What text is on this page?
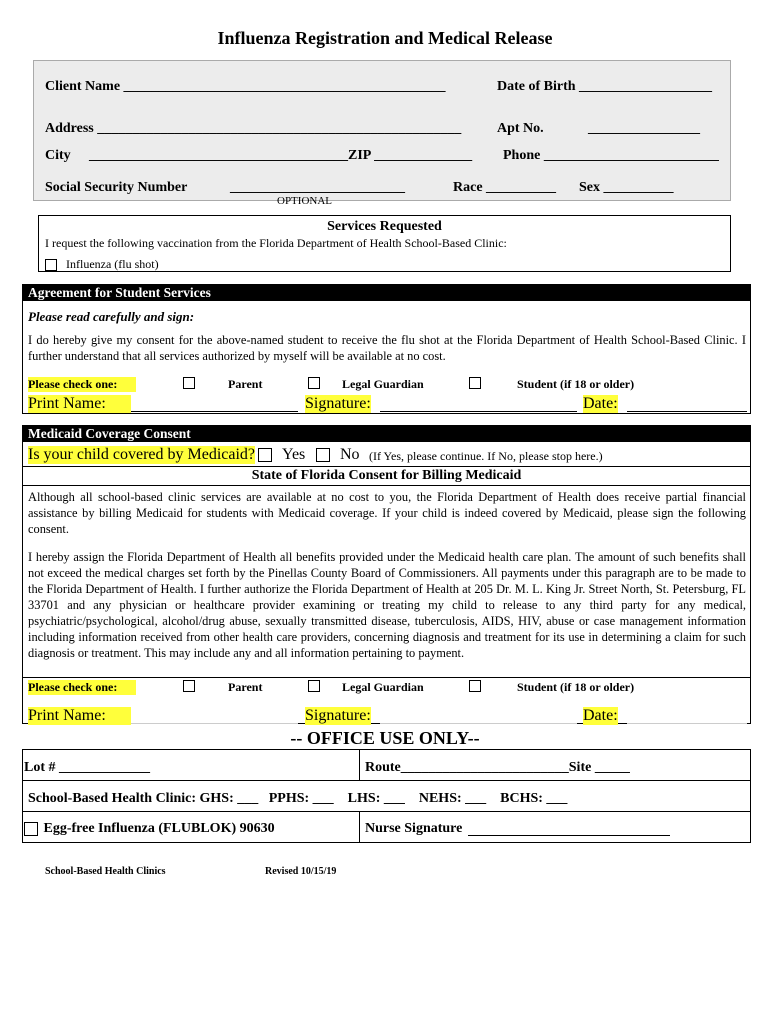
Influenza Registration and Medical Release
Client Name ______________________________________________	Date of Birth ___________________
Address ____________________________________________________	Apt No.	________________
City _____________________________________ZIP ______________ Phone _________________________
Social Security Number	_________________________	Race __________ Sex __________
OPTIONAL
Services Requested
I request the following vaccination from the Florida Department of Health School-Based Clinic:
Influenza (flu shot)
Agreement for Student Services
Please read carefully and sign:
I do hereby give my consent for the above-named student to receive the flu shot at the Florida Department of Health School-Based Clinic. I further understand that all services authorized by myself will be available at no cost.
Please check one:	Parent	Legal Guardian	Student (if 18 or older)
Print Name:	Signature:	Date:
Medicaid Coverage Consent
Is your child covered by Medicaid? Yes No (If Yes, please continue. If No, please stop here.)
State of Florida Consent for Billing Medicaid
Although all school-based clinic services are available at no cost to you, the Florida Department of Health does receive partial financial assistance by billing Medicaid for students with Medicaid coverage. If your child is indeed covered by Medicaid, please sign the following consent.
I hereby assign the Florida Department of Health all benefits provided under the Medicaid health care plan. The amount of such benefits shall not exceed the medical charges set forth by the Pinellas County Board of Commissioners. All payments under this paragraph are to be made to the Florida Department of Health. I further authorize the Florida Department of Health at 205 Dr. M. L. King Jr. Street North, St. Petersburg, FL 33701 and any physician or healthcare provider examining or treating my child to release to any third party for any medical, psychiatric/psychological, alcohol/drug abuse, sexually transmitted disease, tuberculosis, AIDS, HIV, abuse or case management information including information received from other health care providers, concerning diagnosis and treatment for its use in determining a claim for such diagnosis or treatment. This may include any and all information pertaining to payment.
Please check one:	Parent	Legal Guardian	Student (if 18 or older)
Print Name:	Signature:	Date:
-- OFFICE USE ONLY--
Lot # _____________	Route________________________Site _____
School-Based Health Clinic: GHS: ___   PPHS: ___    LHS: ___    NEHS: ___    BCHS: ___
Egg-free Influenza (FLUBLOK) 90630	Nurse Signature
School-Based Health Clinics	Revised 10/15/19
